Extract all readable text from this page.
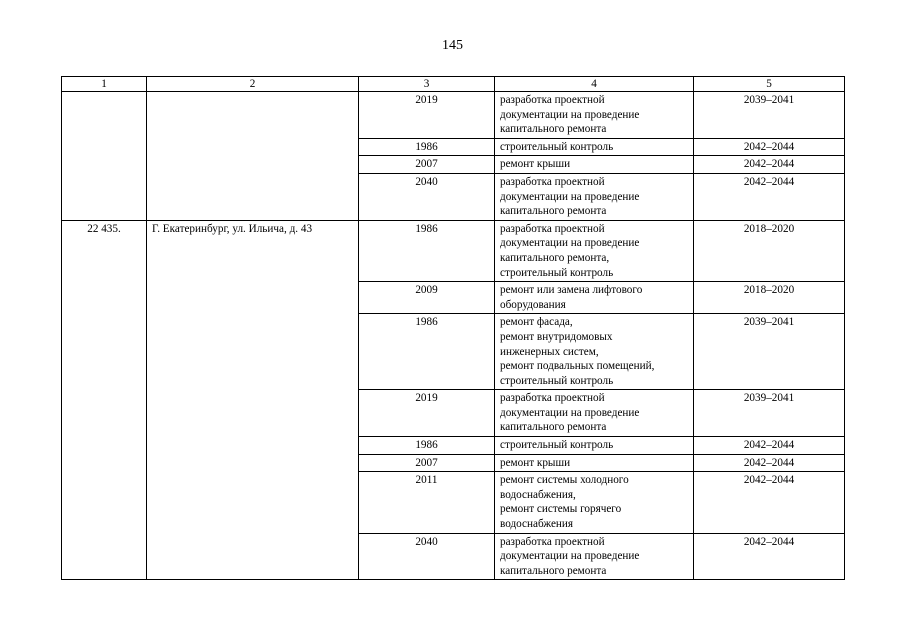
145
1	2	3	4	5
		2019	разработка проектной
документации на проведение
капитального ремонта	2039–2041
		1986	строительный контроль	2042–2044
		2007	ремонт крыши	2042–2044
		2040	разработка проектной
документации на проведение
капитального ремонта	2042–2044
22 435.	Г. Екатеринбург, ул. Ильича, д. 43	1986	разработка проектной
документации на проведение
капитального ремонта,
строительный контроль	2018–2020
		2009	ремонт или замена лифтового
оборудования	2018–2020
		1986	ремонт фасада,
ремонт внутридомовых
инженерных систем,
ремонт подвальных помещений,
строительный контроль	2039–2041
		2019	разработка проектной
документации на проведение
капитального ремонта	2039–2041
		1986	строительный контроль	2042–2044
		2007	ремонт крыши	2042–2044
		2011	ремонт системы холодного
водоснабжения,
ремонт системы горячего
водоснабжения	2042–2044
		2040	разработка проектной
документации на проведение
капитального ремонта	2042–2044
